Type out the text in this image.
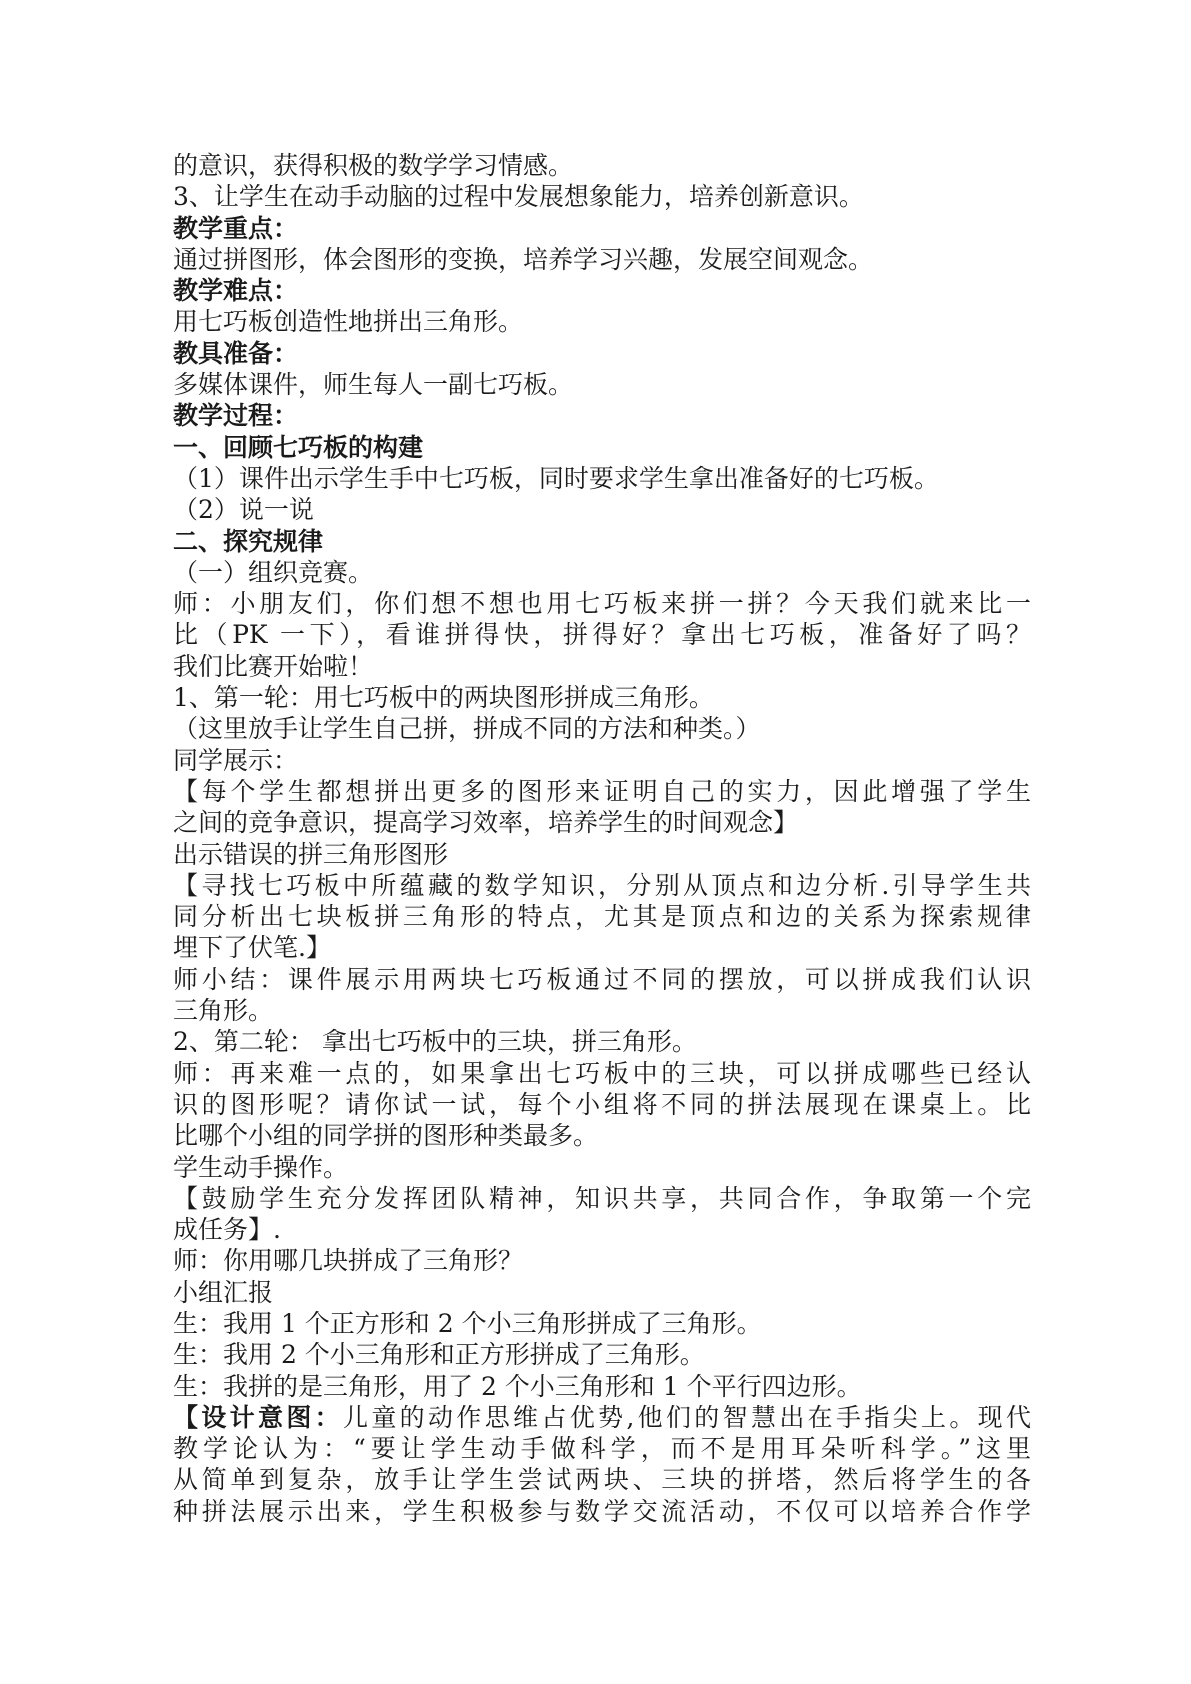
的意识，获得积极的数学学习情感。
3、让学生在动手动脑的过程中发展想象能力，培养创新意识。
教学重点：
通过拼图形，体会图形的变换，培养学习兴趣，发展空间观念。
教学难点：
用七巧板创造性地拼出三角形。
教具准备：
多媒体课件，师生每人一副七巧板。
教学过程：
一、回顾七巧板的构建
（1）课件出示学生手中七巧板，同时要求学生拿出准备好的七巧板。
（2）说一说
二、探究规律
（一）组织竞赛。
师：小朋友们，你们想不想也用七巧板来拼一拼？今天我们就来比一
比（PK 一下），看谁拼得快，拼得好？拿出七巧板，准备好了吗？
我们比赛开始啦！
1、第一轮：用七巧板中的两块图形拼成三角形。
（这里放手让学生自己拼，拼成不同的方法和种类。）
同学展示：
【每个学生都想拼出更多的图形来证明自己的实力，因此增强了学生
之间的竞争意识，提高学习效率，培养学生的时间观念】
出示错误的拼三角形图形
【寻找七巧板中所蕴藏的数学知识，分别从顶点和边分析.引导学生共
同分析出七块板拼三角形的特点，尤其是顶点和边的关系为探索规律
埋下了伏笔.】
师小结：课件展示用两块七巧板通过不同的摆放，可以拼成我们认识
三角形。
2、第二轮： 拿出七巧板中的三块，拼三角形。
师：再来难一点的，如果拿出七巧板中的三块，可以拼成哪些已经认
识的图形呢？请你试一试，每个小组将不同的拼法展现在课桌上。比
比哪个小组的同学拼的图形种类最多。
学生动手操作。
【鼓励学生充分发挥团队精神，知识共享，共同合作，争取第一个完
成任务】.
师：你用哪几块拼成了三角形？
小组汇报
生：我用 1 个正方形和 2 个小三角形拼成了三角形。
生：我用 2 个小三角形和正方形拼成了三角形。
生：我拼的是三角形，用了 2 个小三角形和 1 个平行四边形。
【设计意图：儿童的动作思维占优势,他们的智慧出在手指尖上。现代
教学论认为：“要让学生动手做科学，而不是用耳朵听科学。”这里
从简单到复杂，放手让学生尝试两块、三块的拼塔，然后将学生的各
种拼法展示出来，学生积极参与数学交流活动，不仅可以培养合作学
